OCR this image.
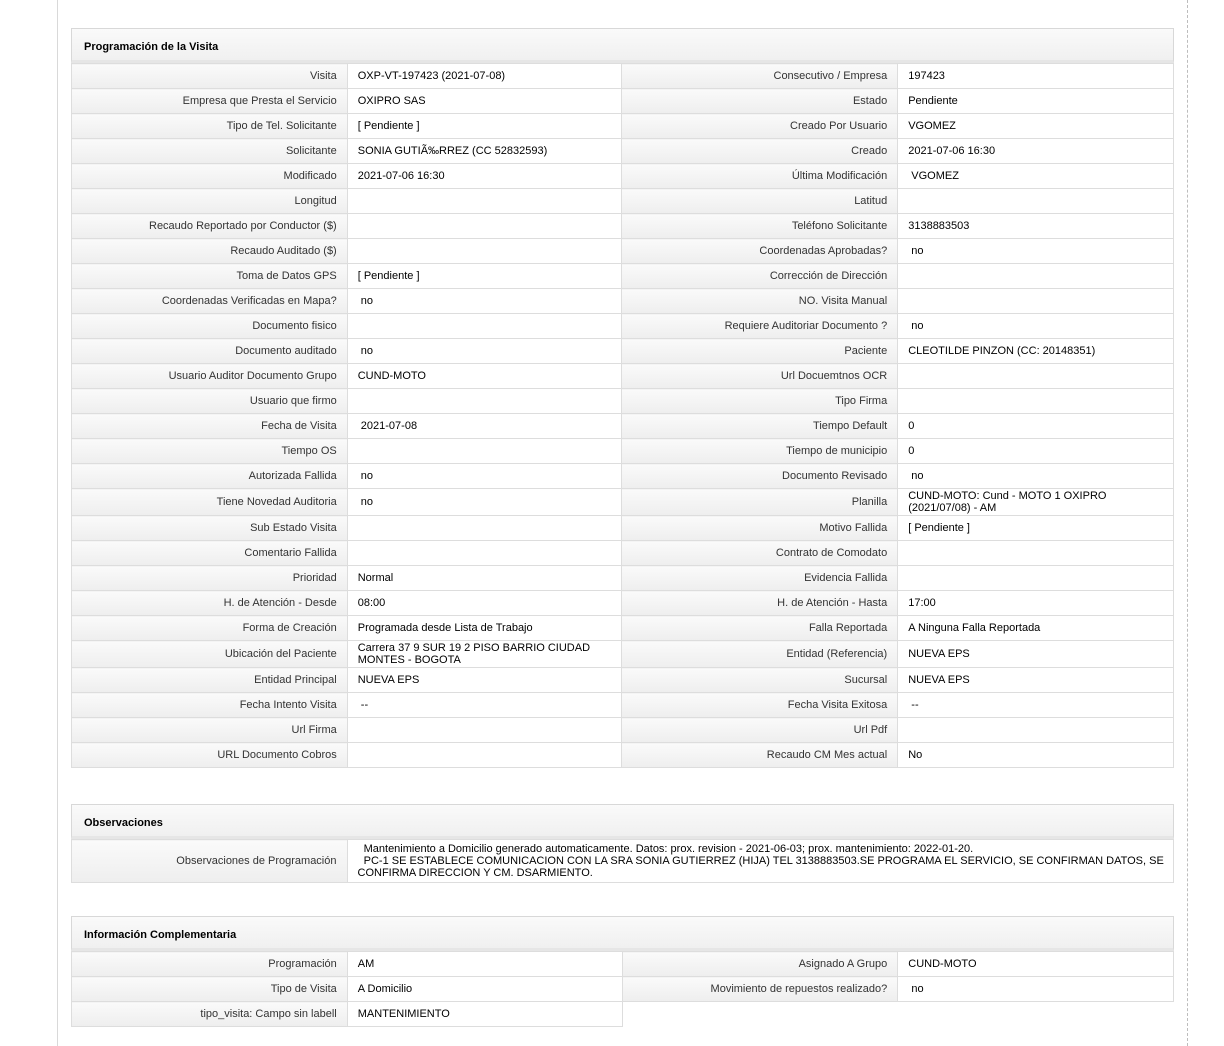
Programación de la Visita
Visita	OXP-VT-197423 (2021-07-08)	Consecutivo / Empresa	197423
Empresa que Presta el Servicio	OXIPRO SAS	Estado	Pendiente
Tipo de Tel. Solicitante	[ Pendiente ]	Creado Por Usuario	VGOMEZ
Solicitante	SONIA GUTIÃ‰RREZ (CC 52832593)	Creado	2021-07-06 16:30
Modificado	2021-07-06 16:30	Última Modificación	VGOMEZ
Longitud		Latitud	
Recaudo Reportado por Conductor ($)		Teléfono Solicitante	3138883503
Recaudo Auditado ($)		Coordenadas Aprobadas?	no
Toma de Datos GPS	[ Pendiente ]	Corrección de Dirección	
Coordenadas Verificadas en Mapa?	no	NO. Visita Manual	
Documento fisico		Requiere Auditoriar Documento ?	no
Documento auditado	no	Paciente	CLEOTILDE PINZON (CC: 20148351)
Usuario Auditor Documento Grupo	CUND-MOTO	Url Docuemtnos OCR	
Usuario que firmo		Tipo Firma	
Fecha de Visita	2021-07-08	Tiempo Default	0
Tiempo OS		Tiempo de municipio	0
Autorizada Fallida	no	Documento Revisado	no
Tiene Novedad Auditoria	no	Planilla	CUND-MOTO: Cund - MOTO 1 OXIPRO (2021/07/08) - AM
Sub Estado Visita		Motivo Fallida	[ Pendiente ]
Comentario Fallida		Contrato de Comodato	
Prioridad	Normal	Evidencia Fallida	
H. de Atención - Desde	08:00	H. de Atención - Hasta	17:00
Forma de Creación	Programada desde Lista de Trabajo	Falla Reportada	A Ninguna Falla Reportada
Ubicación del Paciente	Carrera 37 9 SUR 19 2 PISO BARRIO CIUDAD MONTES - BOGOTA	Entidad (Referencia)	NUEVA EPS
Entidad Principal	NUEVA EPS	Sucursal	NUEVA EPS
Fecha Intento Visita	--	Fecha Visita Exitosa	--
Url Firma		Url Pdf	
URL Documento Cobros		Recaudo CM Mes actual	No
Observaciones
Observaciones de Programación	
Mantenimiento a Domicilio generado automaticamente. Datos: prox. revision - 2021-06-03; prox. mantenimiento: 2022-01-20.
PC-1 SE ESTABLECE COMUNICACION CON LA SRA SONIA GUTIERREZ (HIJA) TEL 3138883503.SE PROGRAMA EL SERVICIO, SE CONFIRMAN DATOS, SE CONFIRMA DIRECCION Y CM. DSARMIENTO.
Información Complementaria
Programación	AM	Asignado A Grupo	CUND-MOTO
Tipo de Visita	A Domicilio	Movimiento de repuestos realizado?	no
tipo_visita: Campo sin labell	MANTENIMIENTO		
